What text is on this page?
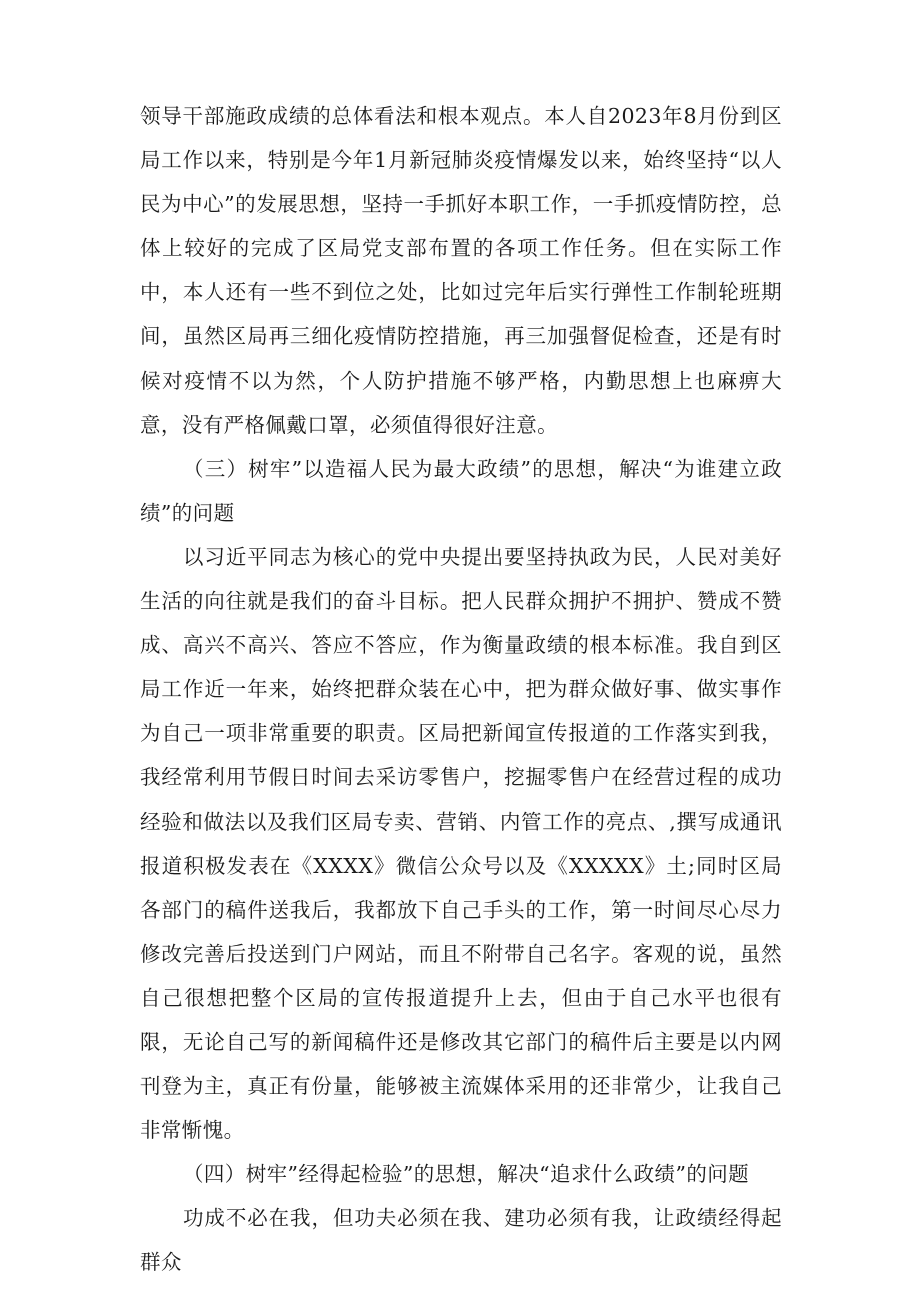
领导干部施政成绩的总体看法和根本观点。本人自2023年8月份到区局工作以来，特别是今年1月新冠肺炎疫情爆发以来，始终坚持“以人民为中心”的发展思想，坚持一手抓好本职工作，一手抓疫情防控，总体上较好的完成了区局党支部布置的各项工作任务。但在实际工作中，本人还有一些不到位之处，比如过完年后实行弹性工作制轮班期间，虽然区局再三细化疫情防控措施，再三加强督促检查，还是有时候对疫情不以为然，个人防护措施不够严格，内勤思想上也麻痹大意，没有严格佩戴口罩，必须值得很好注意。

（三）树牢”以造福人民为最大政绩”的思想，解决“为谁建立政绩”的问题

以习近平同志为核心的党中央提出要坚持执政为民，人民对美好生活的向往就是我们的奋斗目标。把人民群众拥护不拥护、赞成不赞成、高兴不高兴、答应不答应，作为衡量政绩的根本标准。我自到区局工作近一年来，始终把群众装在心中，把为群众做好事、做实事作为自己一项非常重要的职责。区局把新闻宣传报道的工作落实到我，我经常利用节假日时间去采访零售户，挖掘零售户在经营过程的成功经验和做法以及我们区局专卖、营销、内管工作的亮点、,撰写成通讯报道积极发表在《XXXX》微信公众号以及《XXXXX》土;同时区局各部门的稿件送我后，我都放下自己手头的工作，第一时间尽心尽力修改完善后投送到门户网站，而且不附带自己名字。客观的说，虽然自己很想把整个区局的宣传报道提升上去，但由于自己水平也很有限，无论自己写的新闻稿件还是修改其它部门的稿件后主要是以内网刊登为主，真正有份量，能够被主流媒体采用的还非常少，让我自己非常惭愧。

（四）树牢”经得起检验”的思想，解决“追求什么政绩”的问题

功成不必在我，但功夫必须在我、建功必须有我，让政绩经得起群众
